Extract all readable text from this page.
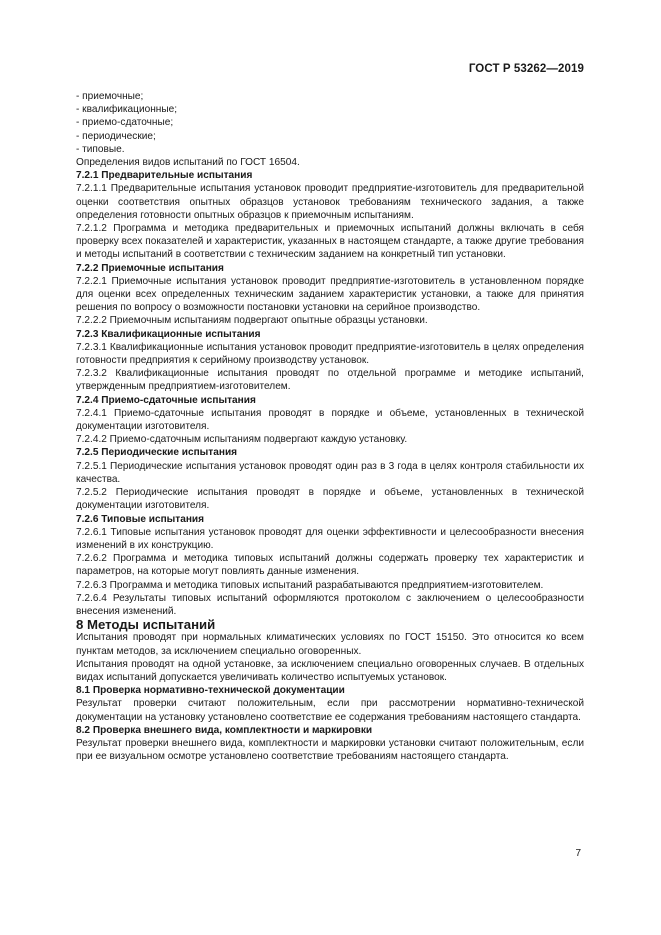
ГОСТ Р 53262—2019

- приемочные;

- квалификационные;

- приемо-сдаточные;

- периодические;

- типовые.

Определения видов испытаний по ГОСТ 16504.

7.2.1 Предварительные испытания

7.2.1.1 Предварительные испытания установок проводит предприятие-изготовитель для предварительной оценки соответствия опытных образцов установок требованиям технического задания, а также определения готовности опытных образцов к приемочным испытаниям.

7.2.1.2 Программа и методика предварительных и приемочных испытаний должны включать в себя проверку всех показателей и характеристик, указанных в настоящем стандарте, а также другие требования и методы испытаний в соответствии с техническим заданием на конкретный тип установки.

7.2.2 Приемочные испытания

7.2.2.1 Приемочные испытания установок проводит предприятие-изготовитель в установленном порядке для оценки всех определенных техническим заданием характеристик установки, а также для принятия решения по вопросу о возможности постановки установки на серийное производство.

7.2.2.2 Приемочным испытаниям подвергают опытные образцы установки.

7.2.3 Квалификационные испытания

7.2.3.1 Квалификационные испытания установок проводит предприятие-изготовитель в целях определения готовности предприятия к серийному производству установок.

7.2.3.2 Квалификационные испытания проводят по отдельной программе и методике испытаний, утвержденным предприятием-изготовителем.

7.2.4 Приемо-сдаточные испытания

7.2.4.1 Приемо-сдаточные испытания проводят в порядке и объеме, установленных в технической документации изготовителя.

7.2.4.2 Приемо-сдаточным испытаниям подвергают каждую установку.

7.2.5 Периодические испытания

7.2.5.1 Периодические испытания установок проводят один раз в 3 года в целях контроля стабильности их качества.

7.2.5.2 Периодические испытания проводят в порядке и объеме, установленных в технической документации изготовителя.

7.2.6 Типовые испытания

7.2.6.1 Типовые испытания установок проводят для оценки эффективности и целесообразности внесения изменений в их конструкцию.

7.2.6.2 Программа и методика типовых испытаний должны содержать проверку тех характеристик и параметров, на которые могут повлиять данные изменения.

7.2.6.3 Программа и методика типовых испытаний разрабатываются предприятием-изготовителем.

7.2.6.4 Результаты типовых испытаний оформляются протоколом с заключением о целесообразности внесения изменений.

8 Методы испытаний

Испытания проводят при нормальных климатических условиях по ГОСТ 15150. Это относится ко всем пунктам методов, за исключением специально оговоренных.

Испытания проводят на одной установке, за исключением специально оговоренных случаев. В отдельных видах испытаний допускается увеличивать количество испытуемых установок.

8.1 Проверка нормативно-технической документации

Результат проверки считают положительным, если при рассмотрении нормативно-технической документации на установку установлено соответствие ее содержания требованиям настоящего стандарта.

8.2 Проверка внешнего вида, комплектности и маркировки

Результат проверки внешнего вида, комплектности и маркировки установки считают положительным, если при ее визуальном осмотре установлено соответствие требованиям настоящего стандарта.

7
